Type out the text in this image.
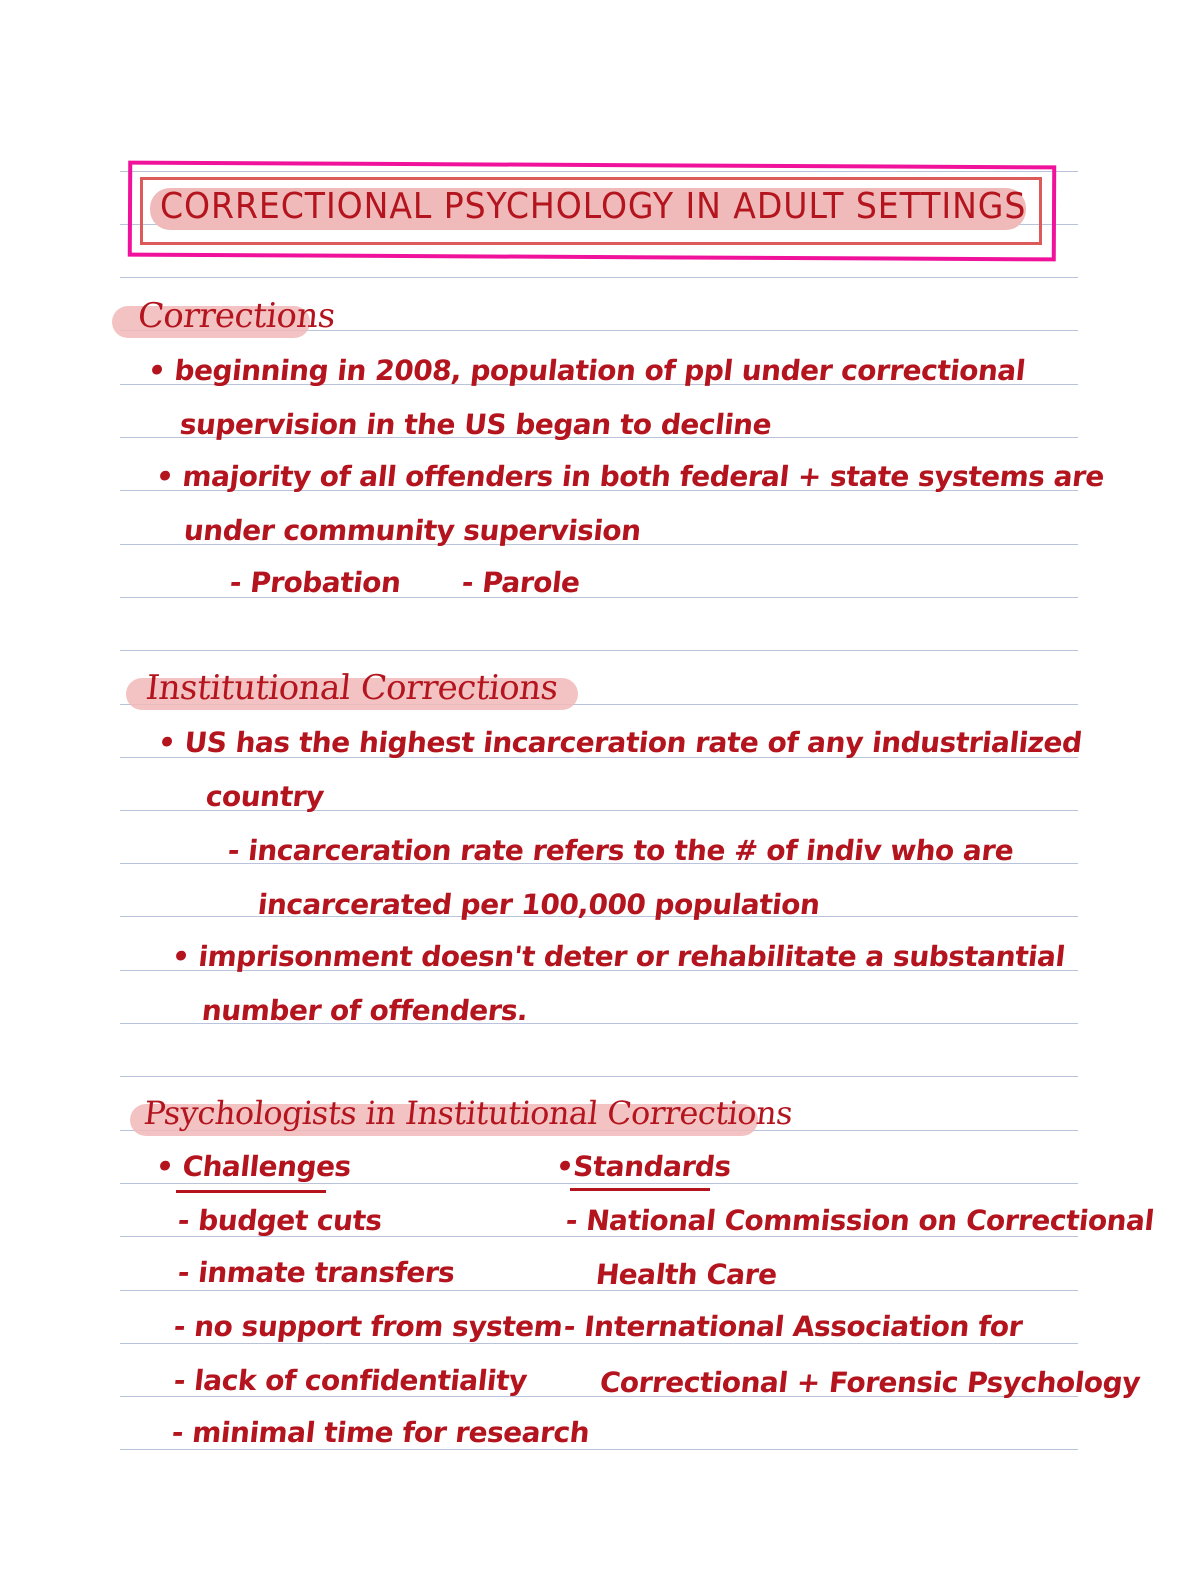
CORRECTIONAL PSYCHOLOGY IN ADULT SETTINGS
Corrections
• beginning in 2008, population of ppl under correctional
supervision in the US began to decline
• majority of all offenders in both federal + state systems are
under community supervision
- Probation - Parole
Institutional Corrections
• US has the highest incarceration rate of any industrialized
country
- incarceration rate refers to the # of indiv who are
incarcerated per 100,000 population
• imprisonment doesn't deter or rehabilitate a substantial
number of offenders.
Psychologists in Institutional Corrections
• Challenges
- budget cuts
- inmate transfers
- no support from system
- lack of confidentiality
- minimal time for research
•Standards
- National Commission on Correctional
Health Care
- International Association for
Correctional + Forensic Psychology
